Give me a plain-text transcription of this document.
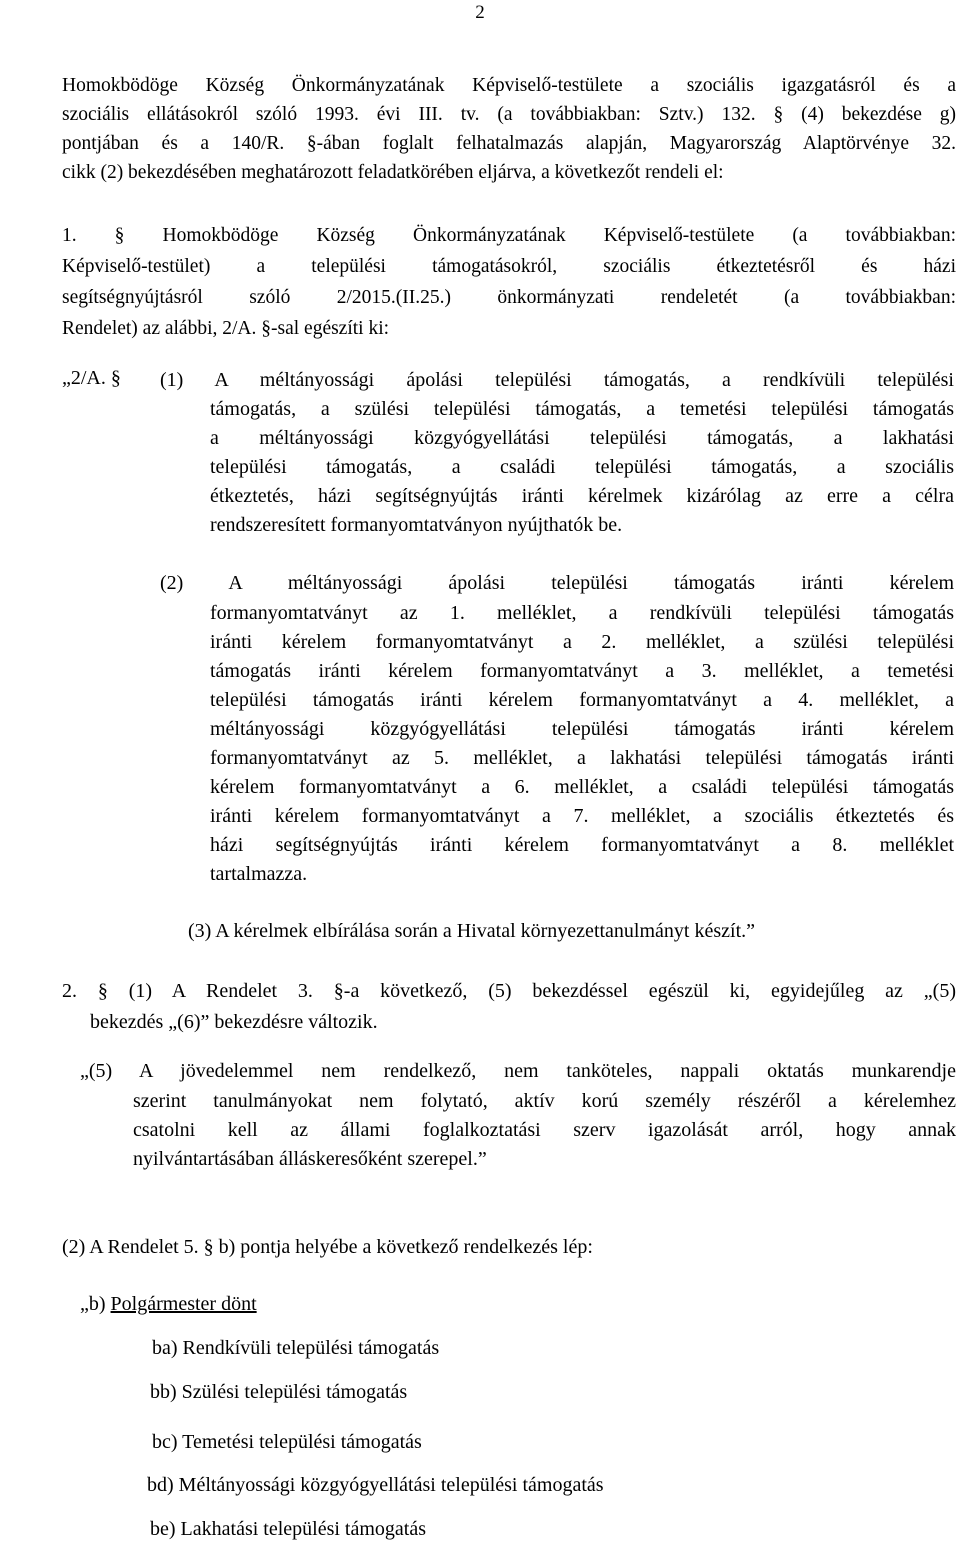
2
Homokbödöge Község Önkormányzatának Képviselő-testülete a szociális igazgatásról és a
szociális ellátásokról szóló 1993. évi III. tv. (a továbbiakban: Sztv.) 132. § (4) bekezdése g)
pontjában és a 140/R. §-ában foglalt felhatalmazás alapján, Magyarország Alaptörvénye 32.
cikk (2) bekezdésében meghatározott feladatkörében eljárva, a következőt rendeli el:
1. § Homokbödöge Község Önkormányzatának Képviselő-testülete (a továbbiakban:
Képviselő-testület) a települési támogatásokról, szociális étkeztetésről és házi
segítségnyújtásról szóló 2/2015.(II.25.) önkormányzati rendeletét (a továbbiakban:
Rendelet) az alábbi, 2/A. §-sal egészíti ki:
„2/A. § (1) A méltányossági ápolási települési támogatás, a rendkívüli települési
támogatás, a szülési települési támogatás, a temetési települési támogatás
a méltányossági közgyógyellátási települési támogatás, a lakhatási
települési támogatás, a családi települési támogatás, a szociális
étkeztetés, házi segítségnyújtás iránti kérelmek kizárólag az erre a célra
rendszeresített formanyomtatványon nyújthatók be.
(2) A méltányossági ápolási települési támogatás iránti kérelem
formanyomtatványt az 1. melléklet, a rendkívüli települési támogatás
iránti kérelem formanyomtatványt a 2. melléklet, a szülési települési
támogatás iránti kérelem formanyomtatványt a 3. melléklet, a temetési
települési támogatás iránti kérelem formanyomtatványt a 4. melléklet, a
méltányossági közgyógyellátási települési támogatás iránti kérelem
formanyomtatványt az 5. melléklet, a lakhatási települési támogatás iránti
kérelem formanyomtatványt a 6. melléklet, a családi települési támogatás
iránti kérelem formanyomtatványt a 7. melléklet, a szociális étkeztetés és
házi segítségnyújtás iránti kérelem formanyomtatványt a 8. melléklet
tartalmazza.
(3) A kérelmek elbírálása során a Hivatal környezettanulmányt készít.”
2. § (1) A Rendelet 3. §-a következő, (5) bekezdéssel egészül ki, egyidejűleg az „(5)
bekezdés „(6)” bekezdésre változik.
„(5) A jövedelemmel nem rendelkező, nem tanköteles, nappali oktatás munkarendje
szerint tanulmányokat nem folytató, aktív korú személy részéről a kérelemhez
csatolni kell az állami foglalkoztatási szerv igazolását arról, hogy annak
nyilvántartásában álláskeresőként szerepel.”
(2) A Rendelet 5. § b) pontja helyébe a következő rendelkezés lép:
„b) Polgármester dönt
ba) Rendkívüli települési támogatás
bb) Szülési települési támogatás
bc) Temetési települési támogatás
bd) Méltányossági közgyógyellátási települési támogatás
be) Lakhatási települési támogatás
